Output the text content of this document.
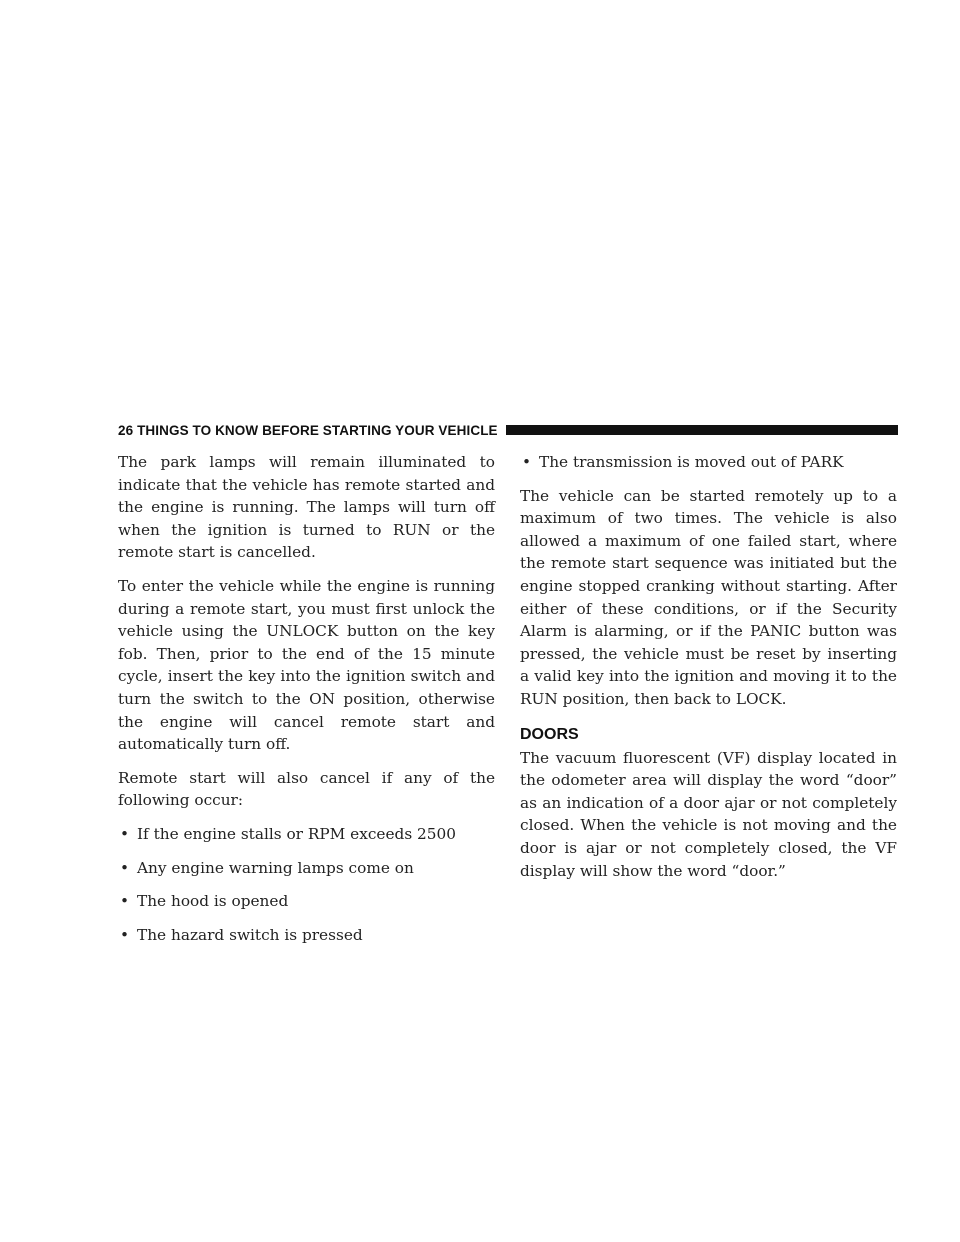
26 THINGS TO KNOW BEFORE STARTING YOUR VEHICLE

The park lamps will remain illuminated to indicate that the vehicle has remote started and the engine is running. The lamps will turn off when the ignition is turned to RUN or the remote start is cancelled.

To enter the vehicle while the engine is running during a remote start, you must first unlock the vehicle using the UNLOCK button on the key fob. Then, prior to the end of the 15 minute cycle, insert the key into the ignition switch and turn the switch to the ON position, otherwise the engine will cancel remote start and automatically turn off.

Remote start will also cancel if any of the following occur:

• If the engine stalls or RPM exceeds 2500
• Any engine warning lamps come on
• The hood is opened
• The hazard switch is pressed
• The transmission is moved out of PARK

The vehicle can be started remotely up to a maximum of two times. The vehicle is also allowed a maximum of one failed start, where the remote start sequence was initiated but the engine stopped cranking without starting. After either of these conditions, or if the Security Alarm is alarming, or if the PANIC button was pressed, the vehicle must be reset by inserting a valid key into the ignition and moving it to the RUN position, then back to LOCK.

DOORS

The vacuum fluorescent (VF) display located in the odometer area will display the word “door” as an indication of a door ajar or not completely closed. When the vehicle is not moving and the door is ajar or not completely closed, the VF display will show the word “door.”
